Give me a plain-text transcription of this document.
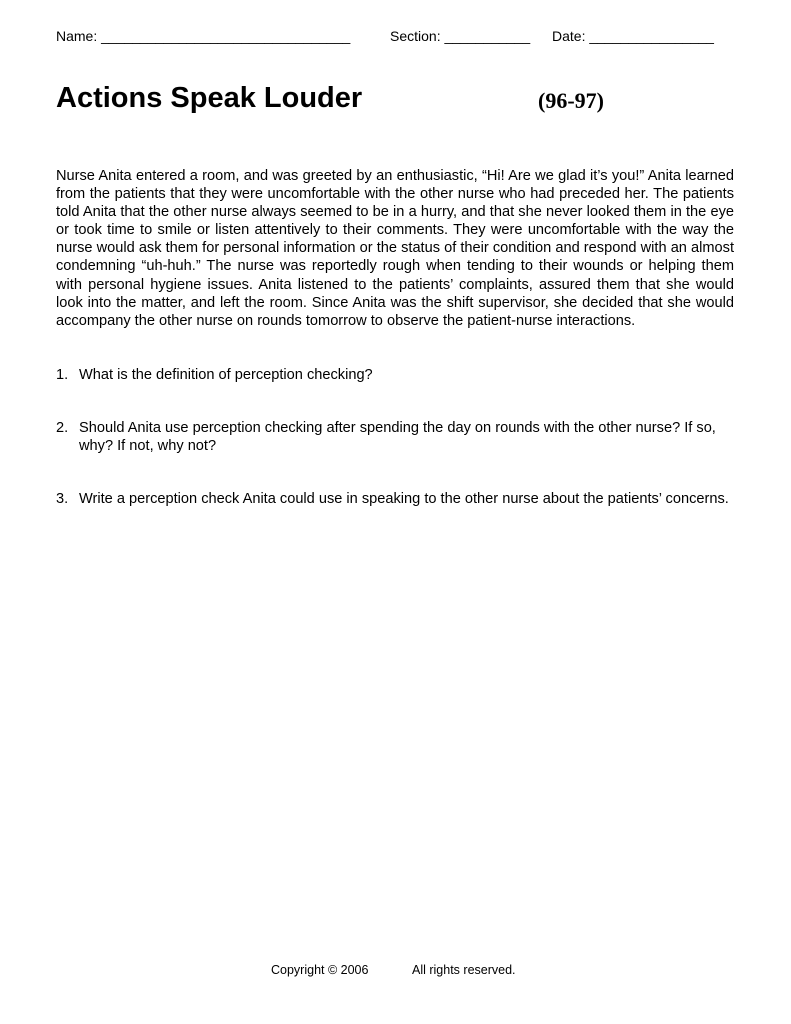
Name: ________________________________	Section: ___________ Date: ________________
Actions Speak Louder	(96-97)

Nurse Anita entered a room, and was greeted by an enthusiastic, “Hi! Are we glad it’s you!” Anita learned from the patients that they were uncomfortable with the other nurse who had preceded her. The patients told Anita that the other nurse always seemed to be in a hurry, and that she never looked them in the eye or took time to smile or listen attentively to their comments. They were uncomfortable with the way the nurse would ask them for personal information or the status of their condition and respond with an almost condemning “uh-huh.” The nurse was reportedly rough when tending to their wounds or helping them with personal hygiene issues. Anita listened to the patients’ complaints, assured them that she would look into the matter, and left the room. Since Anita was the shift supervisor, she decided that she would accompany the other nurse on rounds tomorrow to observe the patient-nurse interactions.

1. What is the definition of perception checking?
2. Should Anita use perception checking after spending the day on rounds with the other nurse? If so, why? If not, why not?
3. Write a perception check Anita could use in speaking to the other nurse about the patients’ concerns.
Copyright © 2006	All rights reserved.
